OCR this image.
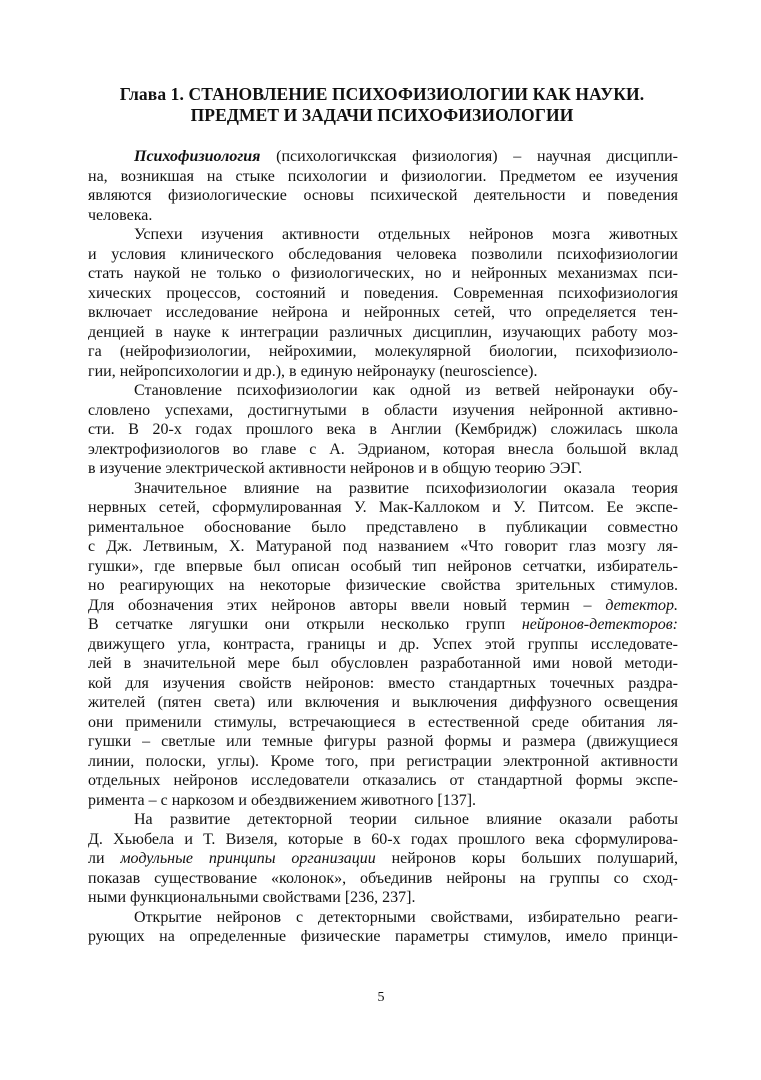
Глава 1. СТАНОВЛЕНИЕ ПСИХОФИЗИОЛОГИИ КАК НАУКИ.
ПРЕДМЕТ И ЗАДАЧИ ПСИХОФИЗИОЛОГИИ

Психофизиология (психологичкская физиология) – научная дисципли-
на, возникшая на стыке психологии и физиологии. Предметом ее изучения
являются физиологические основы психической деятельности и поведения
человека.

Успехи изучения активности отдельных нейронов мозга животных
и условия клинического обследования человека позволили психофизиологии
стать наукой не только о физиологических, но и нейронных механизмах пси-
хических процессов, состояний и поведения. Современная психофизиология
включает исследование нейрона и нейронных сетей, что определяется тен-
денцией в науке к интеграции различных дисциплин, изучающих работу моз-
га (нейрофизиологии, нейрохимии, молекулярной биологии, психофизиоло-
гии, нейропсихологии и др.), в единую нейронауку (neuroscience).

Становление психофизиологии как одной из ветвей нейронауки обу-
словлено успехами, достигнутыми в области изучения нейронной активно-
сти. В 20-х годах прошлого века в Англии (Кембридж) сложилась школа
электрофизиологов во главе с А. Эдрианом, которая внесла большой вклад
в изучение электрической активности нейронов и в общую теорию ЭЭГ.

Значительное влияние на развитие психофизиологии оказала теория
нервных сетей, сформулированная У. Мак-Каллоком и У. Питсом. Ее экспе-
риментальное обоснование было представлено в публикации совместно
с Дж. Летвиным, Х. Матураной под названием «Что говорит глаз мозгу ля-
гушки», где впервые был описан особый тип нейронов сетчатки, избиратель-
но реагирующих на некоторые физические свойства зрительных стимулов.
Для обозначения этих нейронов авторы ввели новый термин – детектор.
В сетчатке лягушки они открыли несколько групп нейронов-детекторов:
движущего угла, контраста, границы и др. Успех этой группы исследовате-
лей в значительной мере был обусловлен разработанной ими новой методи-
кой для изучения свойств нейронов: вместо стандартных точечных раздра-
жителей (пятен света) или включения и выключения диффузного освещения
они применили стимулы, встречающиеся в естественной среде обитания ля-
гушки – светлые или темные фигуры разной формы и размера (движущиеся
линии, полоски, углы). Кроме того, при регистрации электронной активности
отдельных нейронов исследователи отказались от стандартной формы экспе-
римента – с наркозом и обездвижением животного [137].

На развитие детекторной теории сильное влияние оказали работы
Д. Хьюбела и Т. Визеля, которые в 60-х годах прошлого века сформулирова-
ли модульные принципы организации нейронов коры больших полушарий,
показав существование «колонок», объединив нейроны на группы со сход-
ными функциональными свойствами [236, 237].

Открытие нейронов с детекторными свойствами, избирательно реаги-
рующих на определенные физические параметры стимулов, имело принци-

5
